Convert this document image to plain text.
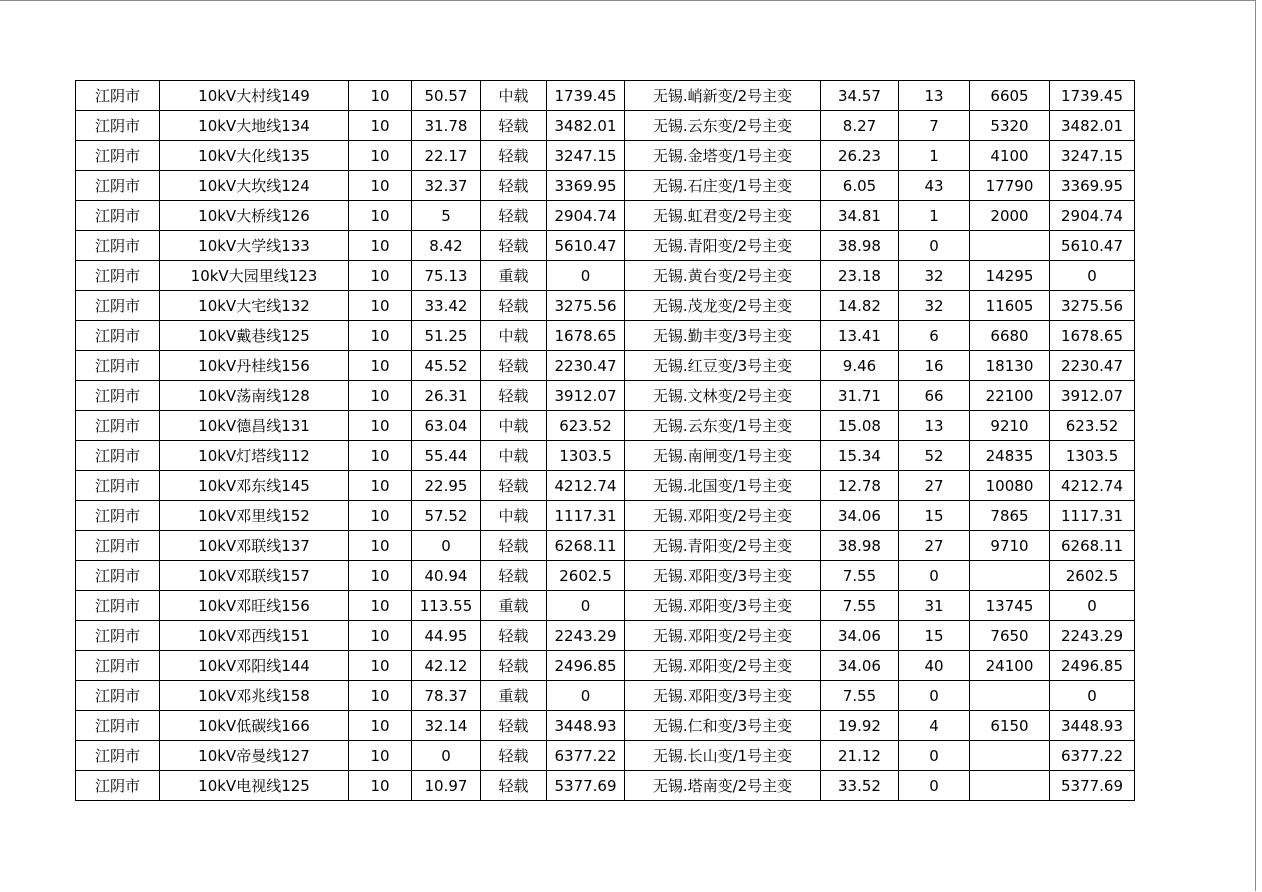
江阴市	10kV大村线149	10	50.57	中载	1739.45	无锡.峭新变/2号主变	34.57	13	6605	1739.45
江阴市	10kV大地线134	10	31.78	轻载	3482.01	无锡.云东变/2号主变	8.27	7	5320	3482.01
江阴市	10kV大化线135	10	22.17	轻载	3247.15	无锡.金塔变/1号主变	26.23	1	4100	3247.15
江阴市	10kV大坎线124	10	32.37	轻载	3369.95	无锡.石庄变/1号主变	6.05	43	17790	3369.95
江阴市	10kV大桥线126	10	5	轻载	2904.74	无锡.虹君变/2号主变	34.81	1	2000	2904.74
江阴市	10kV大学线133	10	8.42	轻载	5610.47	无锡.青阳变/2号主变	38.98	0		5610.47
江阴市	10kV大园里线123	10	75.13	重载	0	无锡.黄台变/2号主变	23.18	32	14295	0
江阴市	10kV大宅线132	10	33.42	轻载	3275.56	无锡.茂龙变/2号主变	14.82	32	11605	3275.56
江阴市	10kV戴巷线125	10	51.25	中载	1678.65	无锡.勤丰变/3号主变	13.41	6	6680	1678.65
江阴市	10kV丹桂线156	10	45.52	轻载	2230.47	无锡.红豆变/3号主变	9.46	16	18130	2230.47
江阴市	10kV荡南线128	10	26.31	轻载	3912.07	无锡.文林变/2号主变	31.71	66	22100	3912.07
江阴市	10kV德昌线131	10	63.04	中载	623.52	无锡.云东变/1号主变	15.08	13	9210	623.52
江阴市	10kV灯塔线112	10	55.44	中载	1303.5	无锡.南闸变/1号主变	15.34	52	24835	1303.5
江阴市	10kV邓东线145	10	22.95	轻载	4212.74	无锡.北国变/1号主变	12.78	27	10080	4212.74
江阴市	10kV邓里线152	10	57.52	中载	1117.31	无锡.邓阳变/2号主变	34.06	15	7865	1117.31
江阴市	10kV邓联线137	10	0	轻载	6268.11	无锡.青阳变/2号主变	38.98	27	9710	6268.11
江阴市	10kV邓联线157	10	40.94	轻载	2602.5	无锡.邓阳变/3号主变	7.55	0		2602.5
江阴市	10kV邓旺线156	10	113.55	重载	0	无锡.邓阳变/3号主变	7.55	31	13745	0
江阴市	10kV邓西线151	10	44.95	轻载	2243.29	无锡.邓阳变/2号主变	34.06	15	7650	2243.29
江阴市	10kV邓阳线144	10	42.12	轻载	2496.85	无锡.邓阳变/2号主变	34.06	40	24100	2496.85
江阴市	10kV邓兆线158	10	78.37	重载	0	无锡.邓阳变/3号主变	7.55	0		0
江阴市	10kV低碳线166	10	32.14	轻载	3448.93	无锡.仁和变/3号主变	19.92	4	6150	3448.93
江阴市	10kV帝曼线127	10	0	轻载	6377.22	无锡.长山变/1号主变	21.12	0		6377.22
江阴市	10kV电视线125	10	10.97	轻载	5377.69	无锡.塔南变/2号主变	33.52	0		5377.69
